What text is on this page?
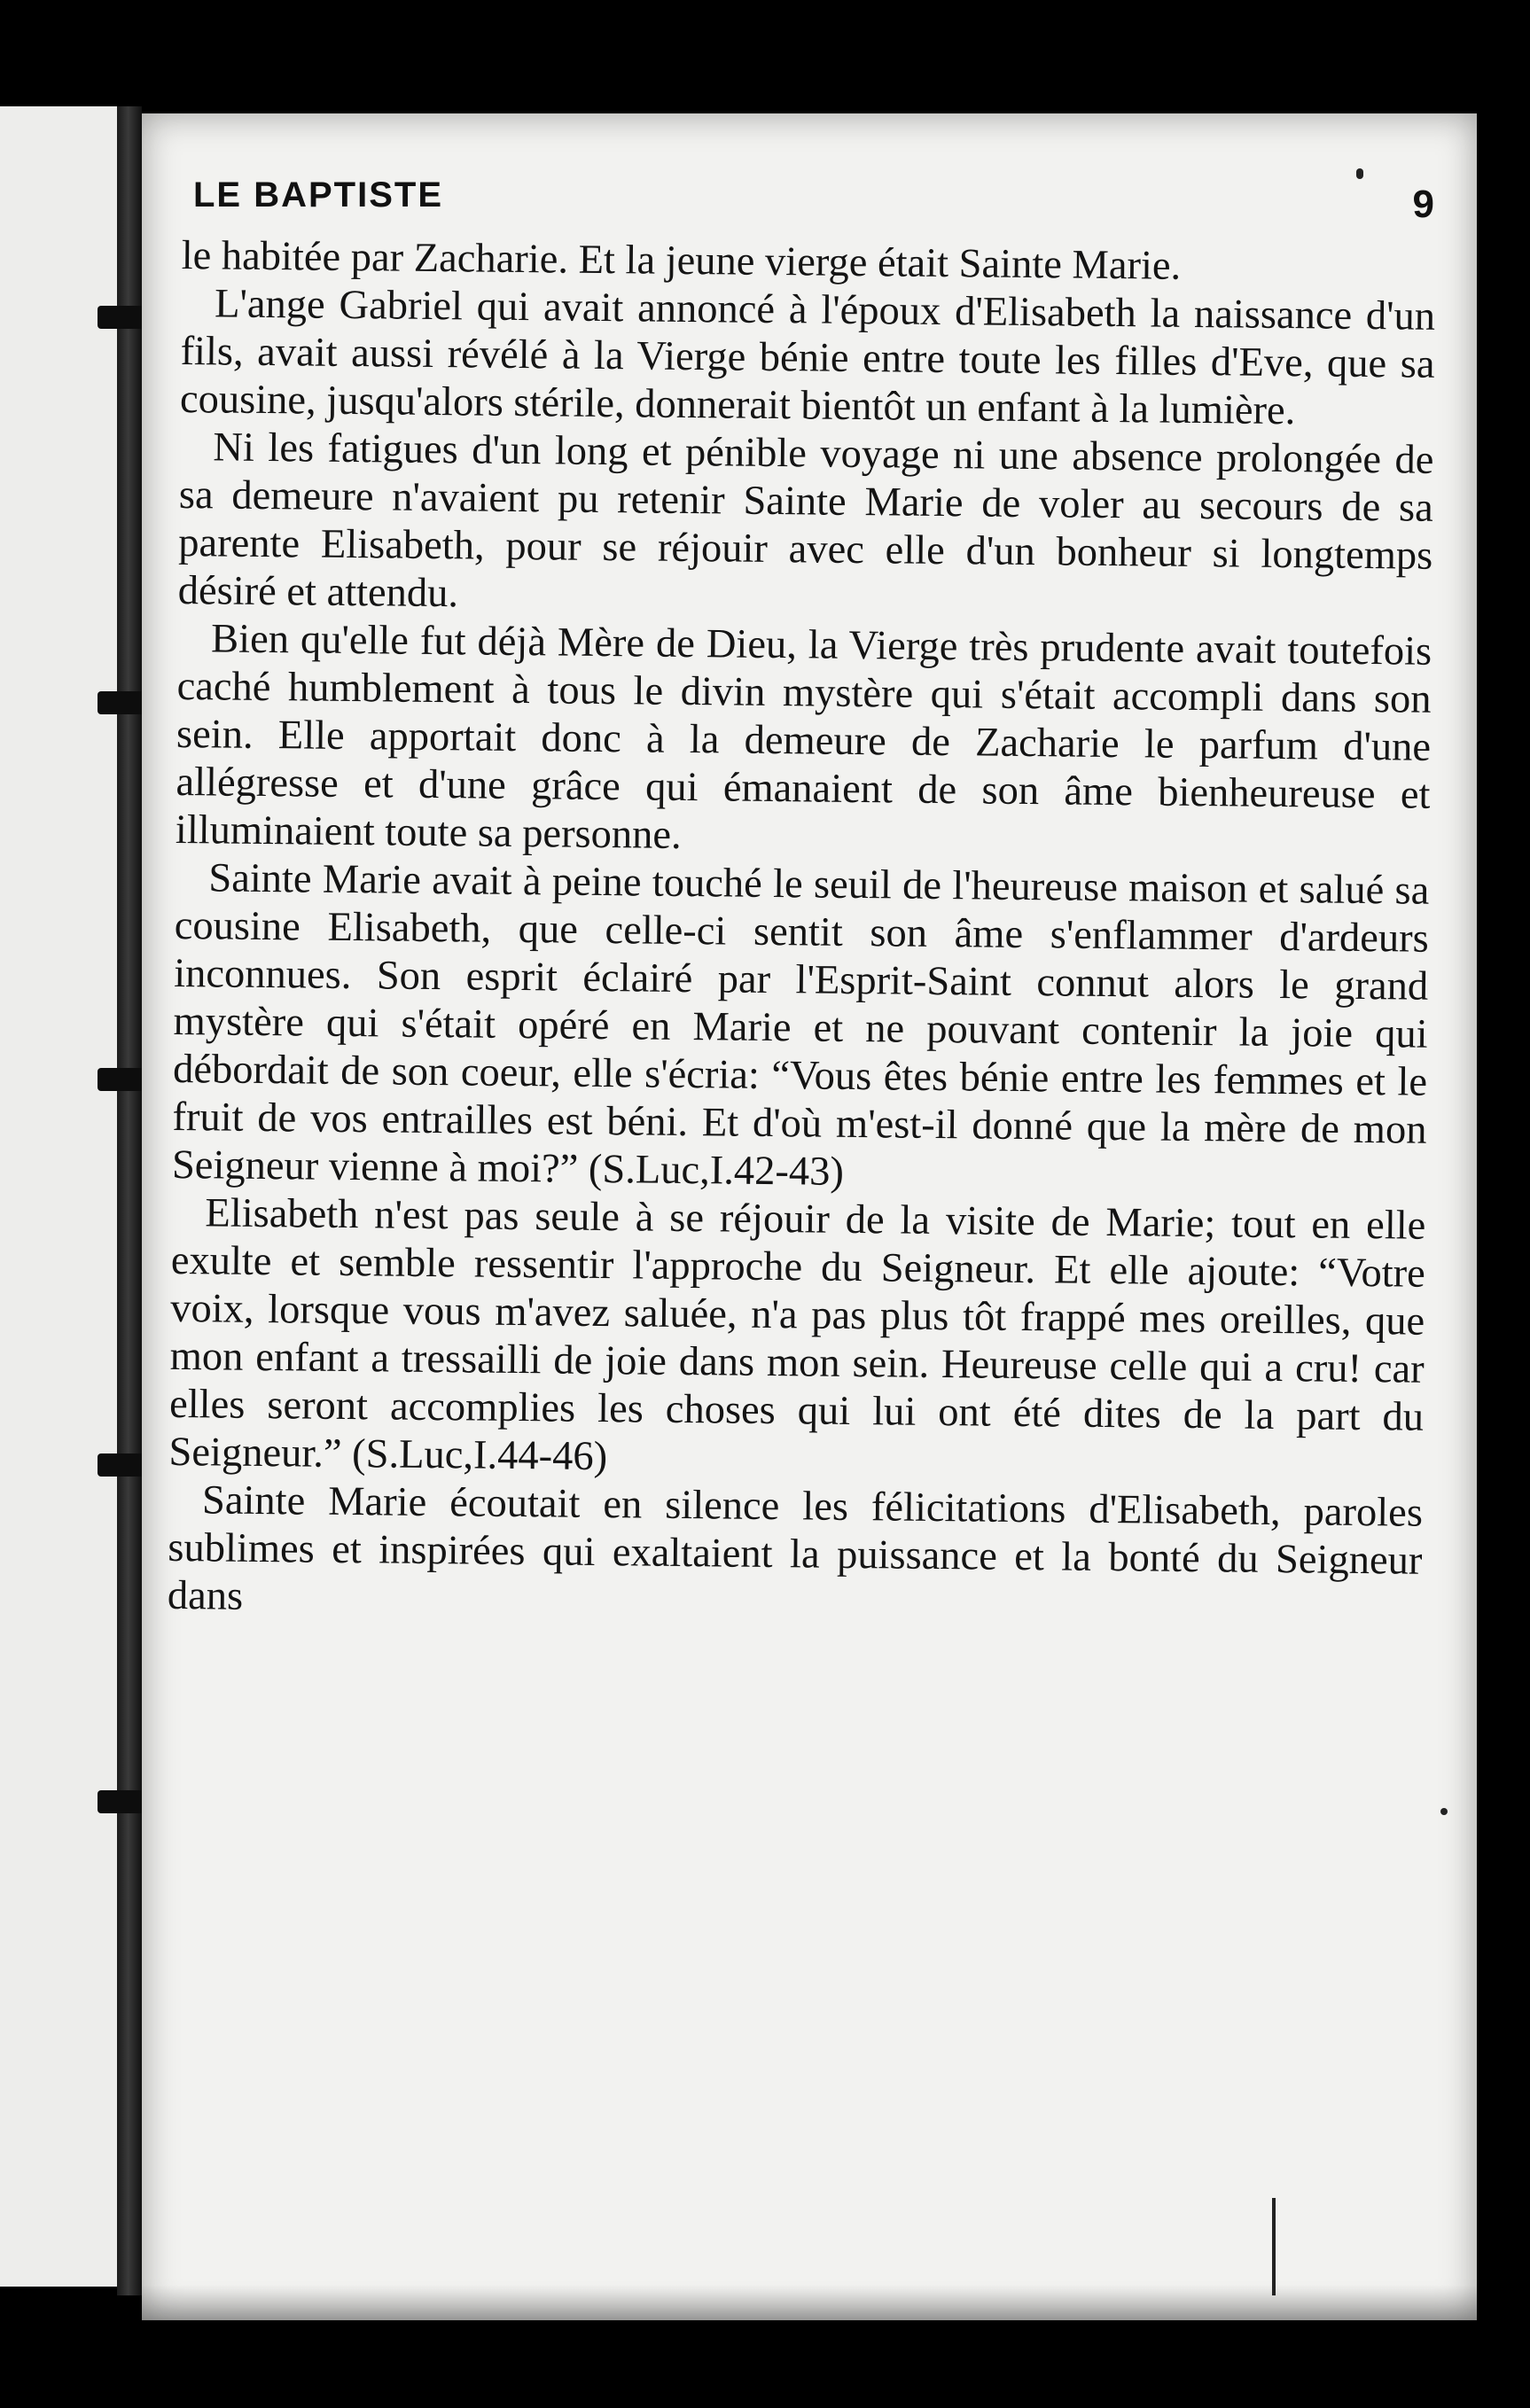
LE BAPTISTE	9

le habitée par Zacharie. Et la jeune vierge était Sainte Marie.

L'ange Gabriel qui avait annoncé à l'époux d'Elisabeth la naissance d'un fils, avait aussi révélé à la Vierge bénie entre toute les filles d'Eve, que sa cousine, jusqu'alors stérile, donnerait bientôt un enfant à la lumière.

Ni les fatigues d'un long et pénible voyage ni une absence prolongée de sa demeure n'avaient pu retenir Sainte Marie de voler au secours de sa parente Elisabeth, pour se réjouir avec elle d'un bonheur si longtemps désiré et attendu.

Bien qu'elle fut déjà Mère de Dieu, la Vierge très prudente avait toutefois caché humblement à tous le divin mystère qui s'était accompli dans son sein. Elle apportait donc à la demeure de Zacharie le parfum d'une allégresse et d'une grâce qui émanaient de son âme bienheureuse et illuminaient toute sa personne.

Sainte Marie avait à peine touché le seuil de l'heureuse maison et salué sa cousine Elisabeth, que celle-ci sentit son âme s'enflammer d'ardeurs inconnues. Son esprit éclairé par l'Esprit-Saint connut alors le grand mystère qui s'était opéré en Marie et ne pouvant contenir la joie qui débordait de son coeur, elle s'écria: “Vous êtes bénie entre les femmes et le fruit de vos entrailles est béni. Et d'où m'est-il donné que la mère de mon Seigneur vienne à moi?” (S.Luc,I.42-43)

Elisabeth n'est pas seule à se réjouir de la visite de Marie; tout en elle exulte et semble ressentir l'approche du Seigneur. Et elle ajoute: “Votre voix, lorsque vous m'avez saluée, n'a pas plus tôt frappé mes oreilles, que mon enfant a tressailli de joie dans mon sein. Heureuse celle qui a cru! car elles seront accomplies les choses qui lui ont été dites de la part du Seigneur.” (S.Luc,I.44-46)

Sainte Marie écoutait en silence les félicitations d'Elisabeth, paroles sublimes et inspirées qui exaltaient la puissance et la bonté du Seigneur dans
